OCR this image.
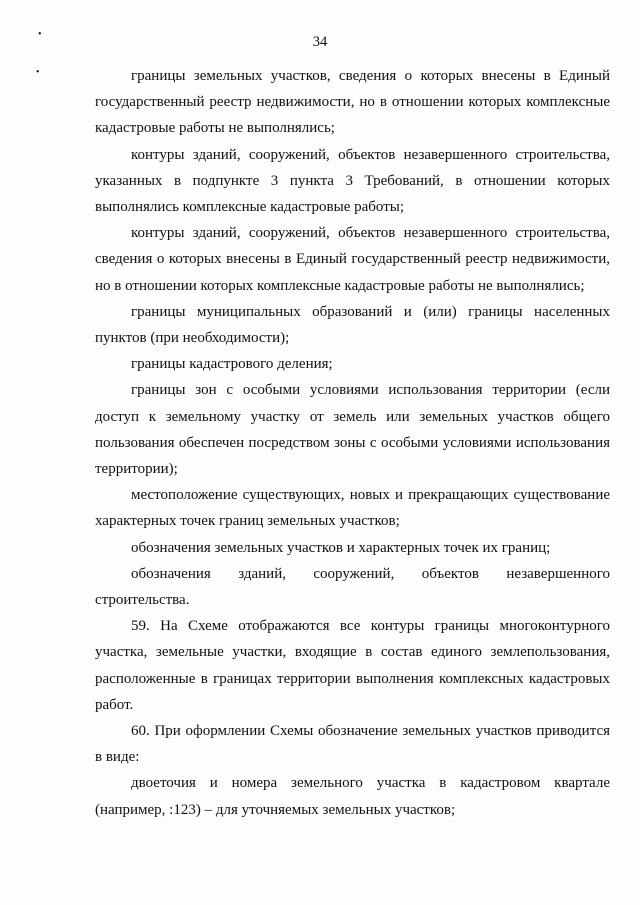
•
•
34

границы земельных участков, сведения о которых внесены в Единый государственный реестр недвижимости, но в отношении которых комплексные кадастровые работы не выполнялись;

контуры зданий, сооружений, объектов незавершенного строительства, указанных в подпункте 3 пункта 3 Требований, в отношении которых выполнялись комплексные кадастровые работы;

контуры зданий, сооружений, объектов незавершенного строительства, сведения о которых внесены в Единый государственный реестр недвижимости, но в отношении которых комплексные кадастровые работы не выполнялись;

границы муниципальных образований и (или) границы населенных пунктов (при необходимости);

границы кадастрового деления;

границы зон с особыми условиями использования территории (если доступ к земельному участку от земель или земельных участков общего пользования обеспечен посредством зоны с особыми условиями использования территории);

местоположение существующих, новых и прекращающих существование характерных точек границ земельных участков;

обозначения земельных участков и характерных точек их границ;

обозначения зданий, сооружений, объектов незавершенного строительства.

59. На Схеме отображаются все контуры границы многоконтурного участка, земельные участки, входящие в состав единого землепользования, расположенные в границах территории выполнения комплексных кадастровых работ.

60. При оформлении Схемы обозначение земельных участков приводится в виде:

двоеточия и номера земельного участка в кадастровом квартале (например, :123) – для уточняемых земельных участков;
